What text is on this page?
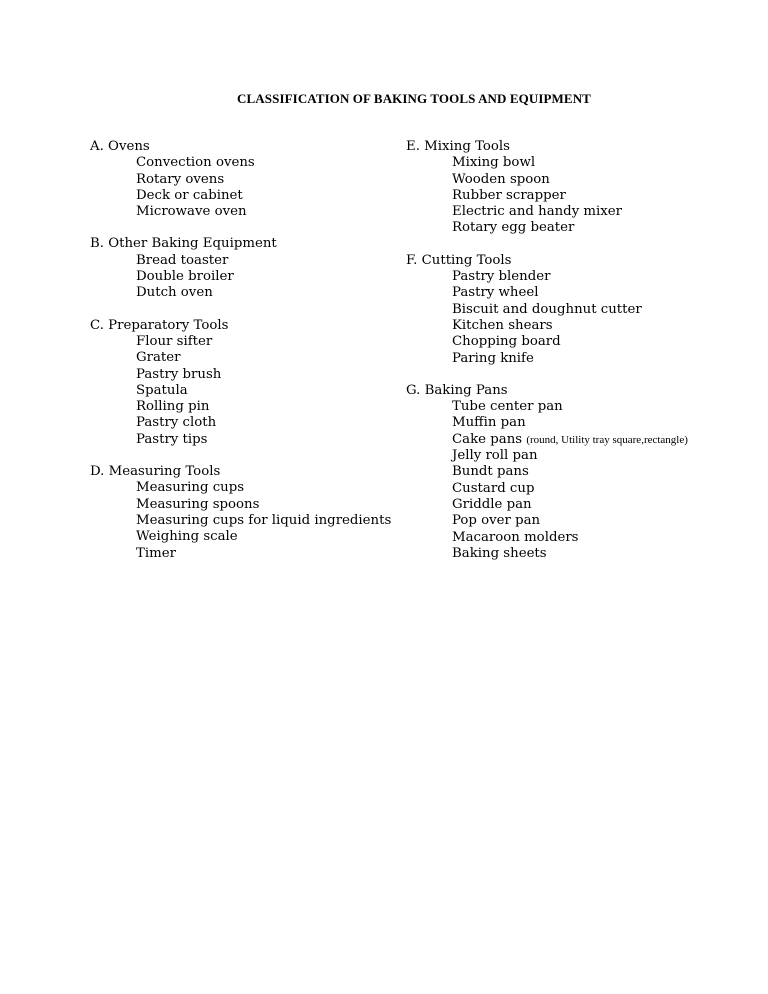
CLASSIFICATION OF BAKING TOOLS AND EQUIPMENT
A. Ovens
Convection ovens
Rotary ovens
Deck or cabinet
Microwave oven
B. Other Baking Equipment
Bread toaster
Double broiler
Dutch oven
C. Preparatory Tools
Flour sifter
Grater
Pastry brush
Spatula
Rolling pin
Pastry cloth
Pastry tips
D. Measuring Tools
Measuring cups
Measuring spoons
Measuring cups for liquid ingredients
Weighing scale
Timer
E. Mixing Tools
Mixing bowl
Wooden spoon
Rubber scrapper
Electric and handy mixer
Rotary egg beater
F. Cutting Tools
Pastry blender
Pastry wheel
Biscuit and doughnut cutter
Kitchen shears
Chopping board
Paring knife
G. Baking Pans
Tube center pan
Muffin pan
Cake pans (round, Utility tray square,rectangle)
Jelly roll pan
Bundt pans
Custard cup
Griddle pan
Pop over pan
Macaroon molders
Baking sheets
